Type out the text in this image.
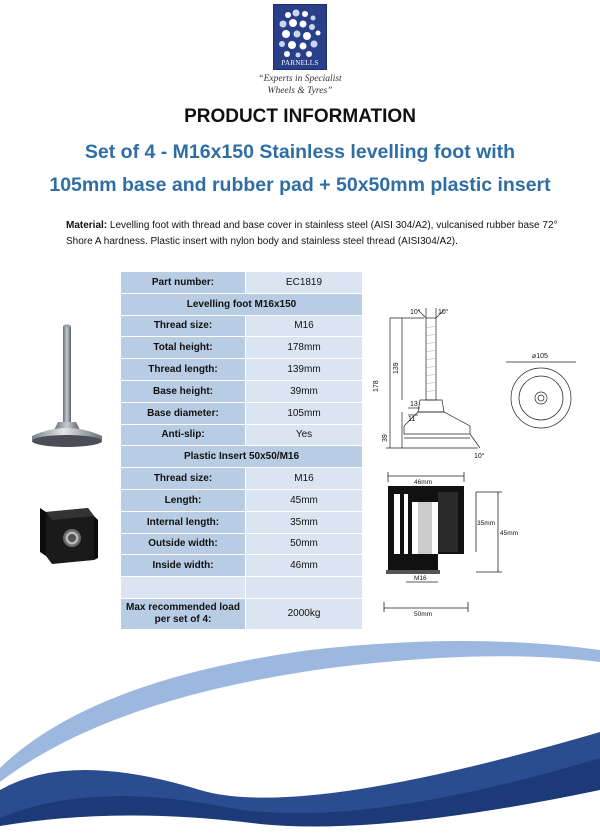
PARNELLS
“Experts in Specialist
Wheels & Tyres”
PRODUCT INFORMATION
Set of 4 - M16x150 Stainless levelling foot with
105mm base and rubber pad + 50x50mm plastic insert
Material: Levelling foot with thread and base cover in stainless steel (AISI 304/A2), vulcanised rubber base 72° Shore A hardness. Plastic insert with nylon body and stainless steel thread (AISI304/A2).
Part number:	EC1819
Levelling foot M16x150	
Thread size:	M16
Total height:	178mm
Thread length:	139mm
Base height:	39mm
Base diameter:	105mm
Anti-slip:	Yes
Plastic Insert 50x50/M16	
Thread size:	M16
Length:	45mm
Internal length:	35mm
Outside width:	50mm
Inside width:	46mm

Max recommended load
per set of 4:	2000kg
10° 10°
178
139
39
13
11
10°
⌀105
46mm
50mm
35mm
45mm
M16
